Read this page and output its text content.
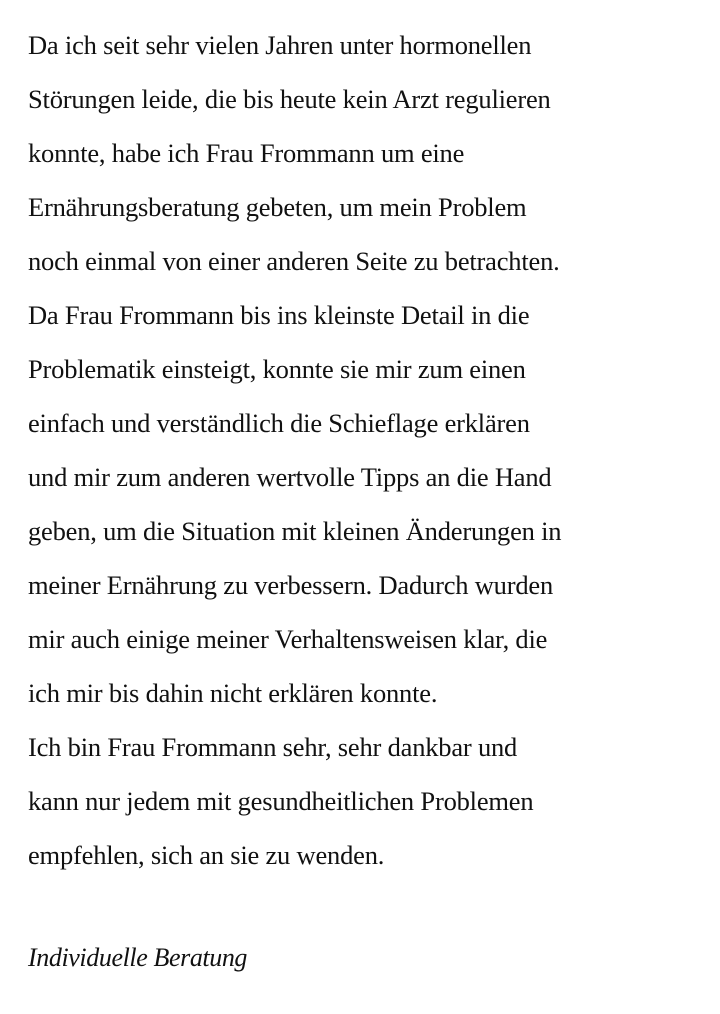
Da ich seit sehr vielen Jahren unter hormonellen
Störungen leide, die bis heute kein Arzt regulieren
konnte, habe ich Frau Frommann um eine
Ernährungsberatung gebeten, um mein Problem
noch einmal von einer anderen Seite zu betrachten.
Da Frau Frommann bis ins kleinste Detail in die
Problematik einsteigt, konnte sie mir zum einen
einfach und verständlich die Schieflage erklären
und mir zum anderen wertvolle Tipps an die Hand
geben, um die Situation mit kleinen Änderungen in
meiner Ernährung zu verbessern. Dadurch wurden
mir auch einige meiner Verhaltensweisen klar, die
ich mir bis dahin nicht erklären konnte.
Ich bin Frau Frommann sehr, sehr dankbar und
kann nur jedem mit gesundheitlichen Problemen
empfehlen, sich an sie zu wenden.
Individuelle Beratung
